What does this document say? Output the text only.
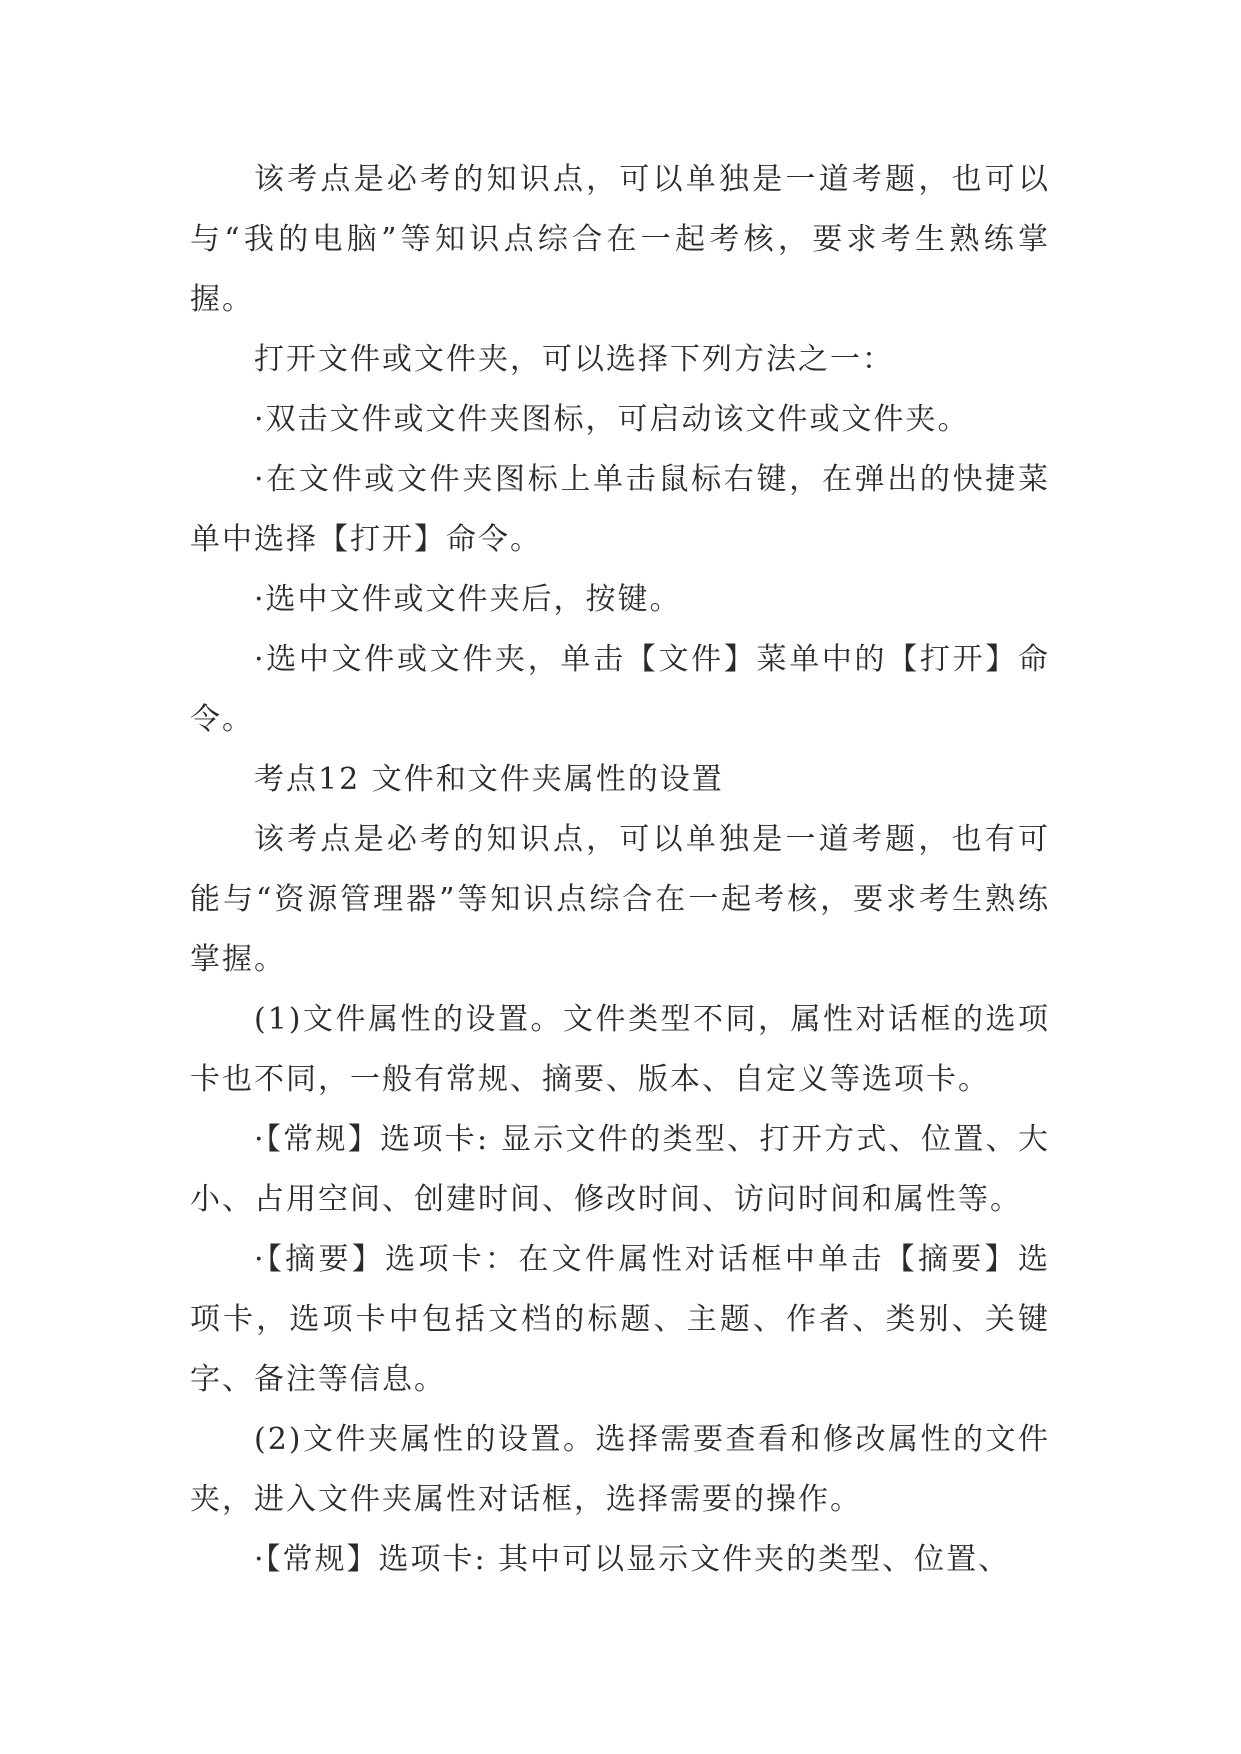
该考点是必考的知识点，可以单独是一道考题，也可以与“我的电脑”等知识点综合在一起考核，要求考生熟练掌握。

打开文件或文件夹，可以选择下列方法之一：

·双击文件或文件夹图标，可启动该文件或文件夹。

·在文件或文件夹图标上单击鼠标右键，在弹出的快捷菜单中选择【打开】命令。

·选中文件或文件夹后，按键。

·选中文件或文件夹，单击【文件】菜单中的【打开】命令。

考点12 文件和文件夹属性的设置

该考点是必考的知识点，可以单独是一道考题，也有可能与“资源管理器”等知识点综合在一起考核，要求考生熟练掌握。

(1)文件属性的设置。文件类型不同，属性对话框的选项卡也不同，一般有常规、摘要、版本、自定义等选项卡。

·【常规】选项卡: 显示文件的类型、打开方式、位置、大小、占用空间、创建时间、修改时间、访问时间和属性等。

·【摘要】选项卡：在文件属性对话框中单击【摘要】选项卡，选项卡中包括文档的标题、主题、作者、类别、关键字、备注等信息。

(2)文件夹属性的设置。选择需要查看和修改属性的文件夹，进入文件夹属性对话框，选择需要的操作。

·【常规】选项卡: 其中可以显示文件夹的类型、位置、
